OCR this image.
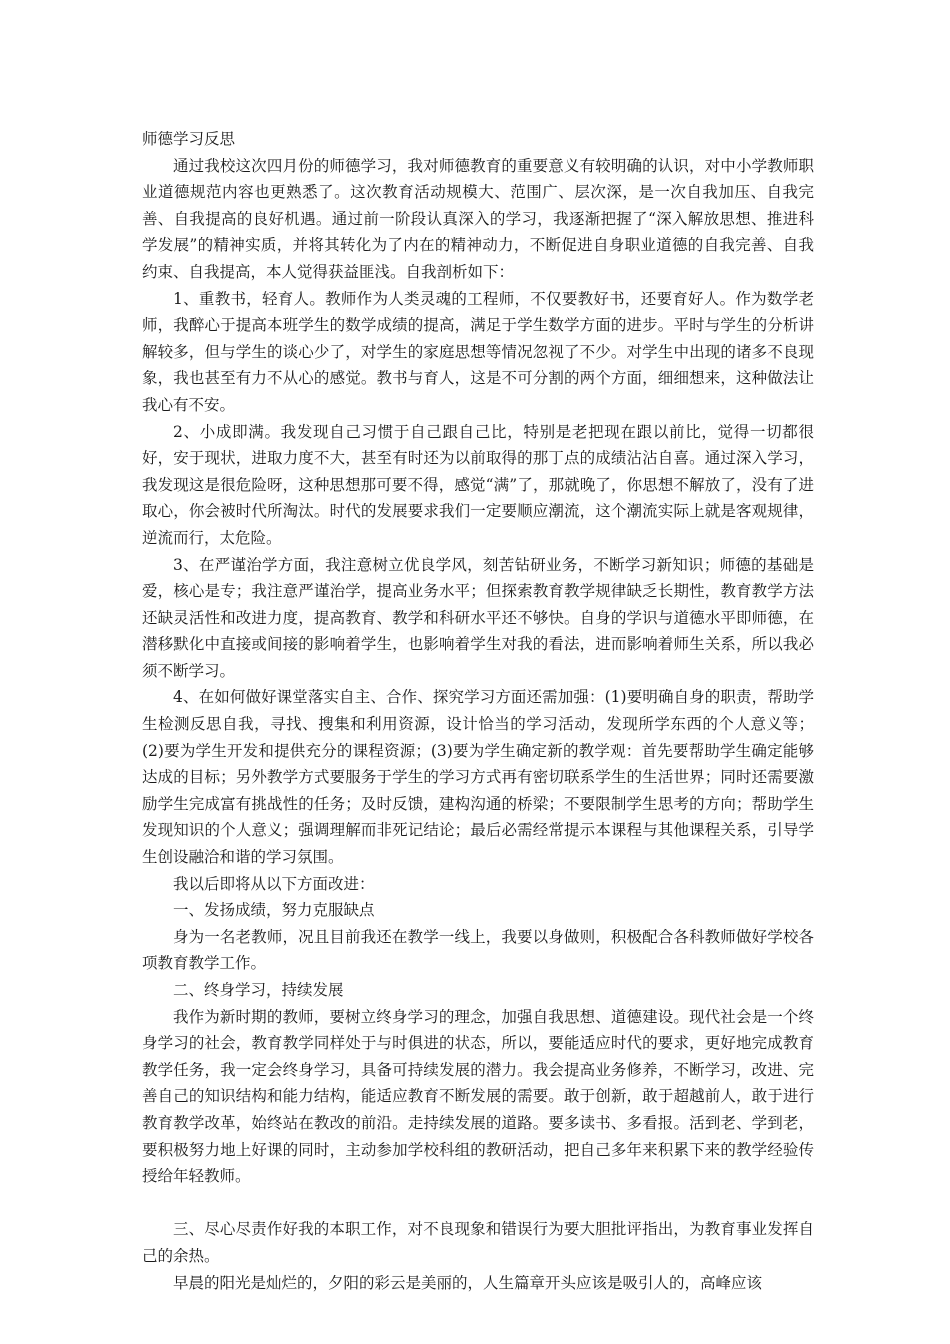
师德学习反思

通过我校这次四月份的师德学习，我对师德教育的重要意义有较明确的认识，对中小学教师职业道德规范内容也更熟悉了。这次教育活动规模大、范围广、层次深，是一次自我加压、自我完善、自我提高的良好机遇。通过前一阶段认真深入的学习，我逐渐把握了“深入解放思想、推进科学发展”的精神实质，并将其转化为了内在的精神动力，不断促进自身职业道德的自我完善、自我约束、自我提高，本人觉得获益匪浅。自我剖析如下：

1、重教书，轻育人。教师作为人类灵魂的工程师，不仅要教好书，还要育好人。作为数学老师，我醉心于提高本班学生的数学成绩的提高，满足于学生数学方面的进步。平时与学生的分析讲解较多，但与学生的谈心少了，对学生的家庭思想等情况忽视了不少。对学生中出现的诸多不良现象，我也甚至有力不从心的感觉。教书与育人，这是不可分割的两个方面，细细想来，这种做法让我心有不安。

2、小成即满。我发现自己习惯于自己跟自己比，特别是老把现在跟以前比，觉得一切都很好，安于现状，进取力度不大，甚至有时还为以前取得的那丁点的成绩沾沾自喜。通过深入学习，我发现这是很危险呀，这种思想那可要不得，感觉“满”了，那就晚了，你思想不解放了，没有了进取心，你会被时代所淘汰。时代的发展要求我们一定要顺应潮流，这个潮流实际上就是客观规律，逆流而行，太危险。

3、在严谨治学方面，我注意树立优良学风，刻苦钻研业务，不断学习新知识；师德的基础是爱，核心是专；我注意严谨治学，提高业务水平；但探索教育教学规律缺乏长期性，教育教学方法还缺灵活性和改进力度，提高教育、教学和科研水平还不够快。自身的学识与道德水平即师德，在潜移默化中直接或间接的影响着学生，也影响着学生对我的看法，进而影响着师生关系，所以我必须不断学习。

4、在如何做好课堂落实自主、合作、探究学习方面还需加强：(1)要明确自身的职责，帮助学生检测反思自我，寻找、搜集和利用资源，设计恰当的学习活动，发现所学东西的个人意义等；(2)要为学生开发和提供充分的课程资源；(3)要为学生确定新的教学观：首先要帮助学生确定能够达成的目标；另外教学方式要服务于学生的学习方式再有密切联系学生的生活世界；同时还需要激励学生完成富有挑战性的任务；及时反馈，建构沟通的桥梁；不要限制学生思考的方向；帮助学生发现知识的个人意义；强调理解而非死记结论；最后必需经常提示本课程与其他课程关系，引导学生创设融洽和谐的学习氛围。

我以后即将从以下方面改进：

一、发扬成绩，努力克服缺点

身为一名老教师，况且目前我还在教学一线上，我要以身做则，积极配合各科教师做好学校各项教育教学工作。

二、终身学习，持续发展

我作为新时期的教师，要树立终身学习的理念，加强自我思想、道德建设。现代社会是一个终身学习的社会，教育教学同样处于与时俱进的状态，所以，要能适应时代的要求，更好地完成教育教学任务，我一定会终身学习，具备可持续发展的潜力。我会提高业务修养，不断学习，改进、完善自己的知识结构和能力结构，能适应教育不断发展的需要。敢于创新，敢于超越前人，敢于进行教育教学改革，始终站在教改的前沿。走持续发展的道路。要多读书、多看报。活到老、学到老，要积极努力地上好课的同时，主动参加学校科组的教研活动，把自己多年来积累下来的教学经验传授给年轻教师。

三、尽心尽责作好我的本职工作，对不良现象和错误行为要大胆批评指出，为教育事业发挥自己的余热。

早晨的阳光是灿烂的，夕阳的彩云是美丽的，人生篇章开头应该是吸引人的，高峰应该
